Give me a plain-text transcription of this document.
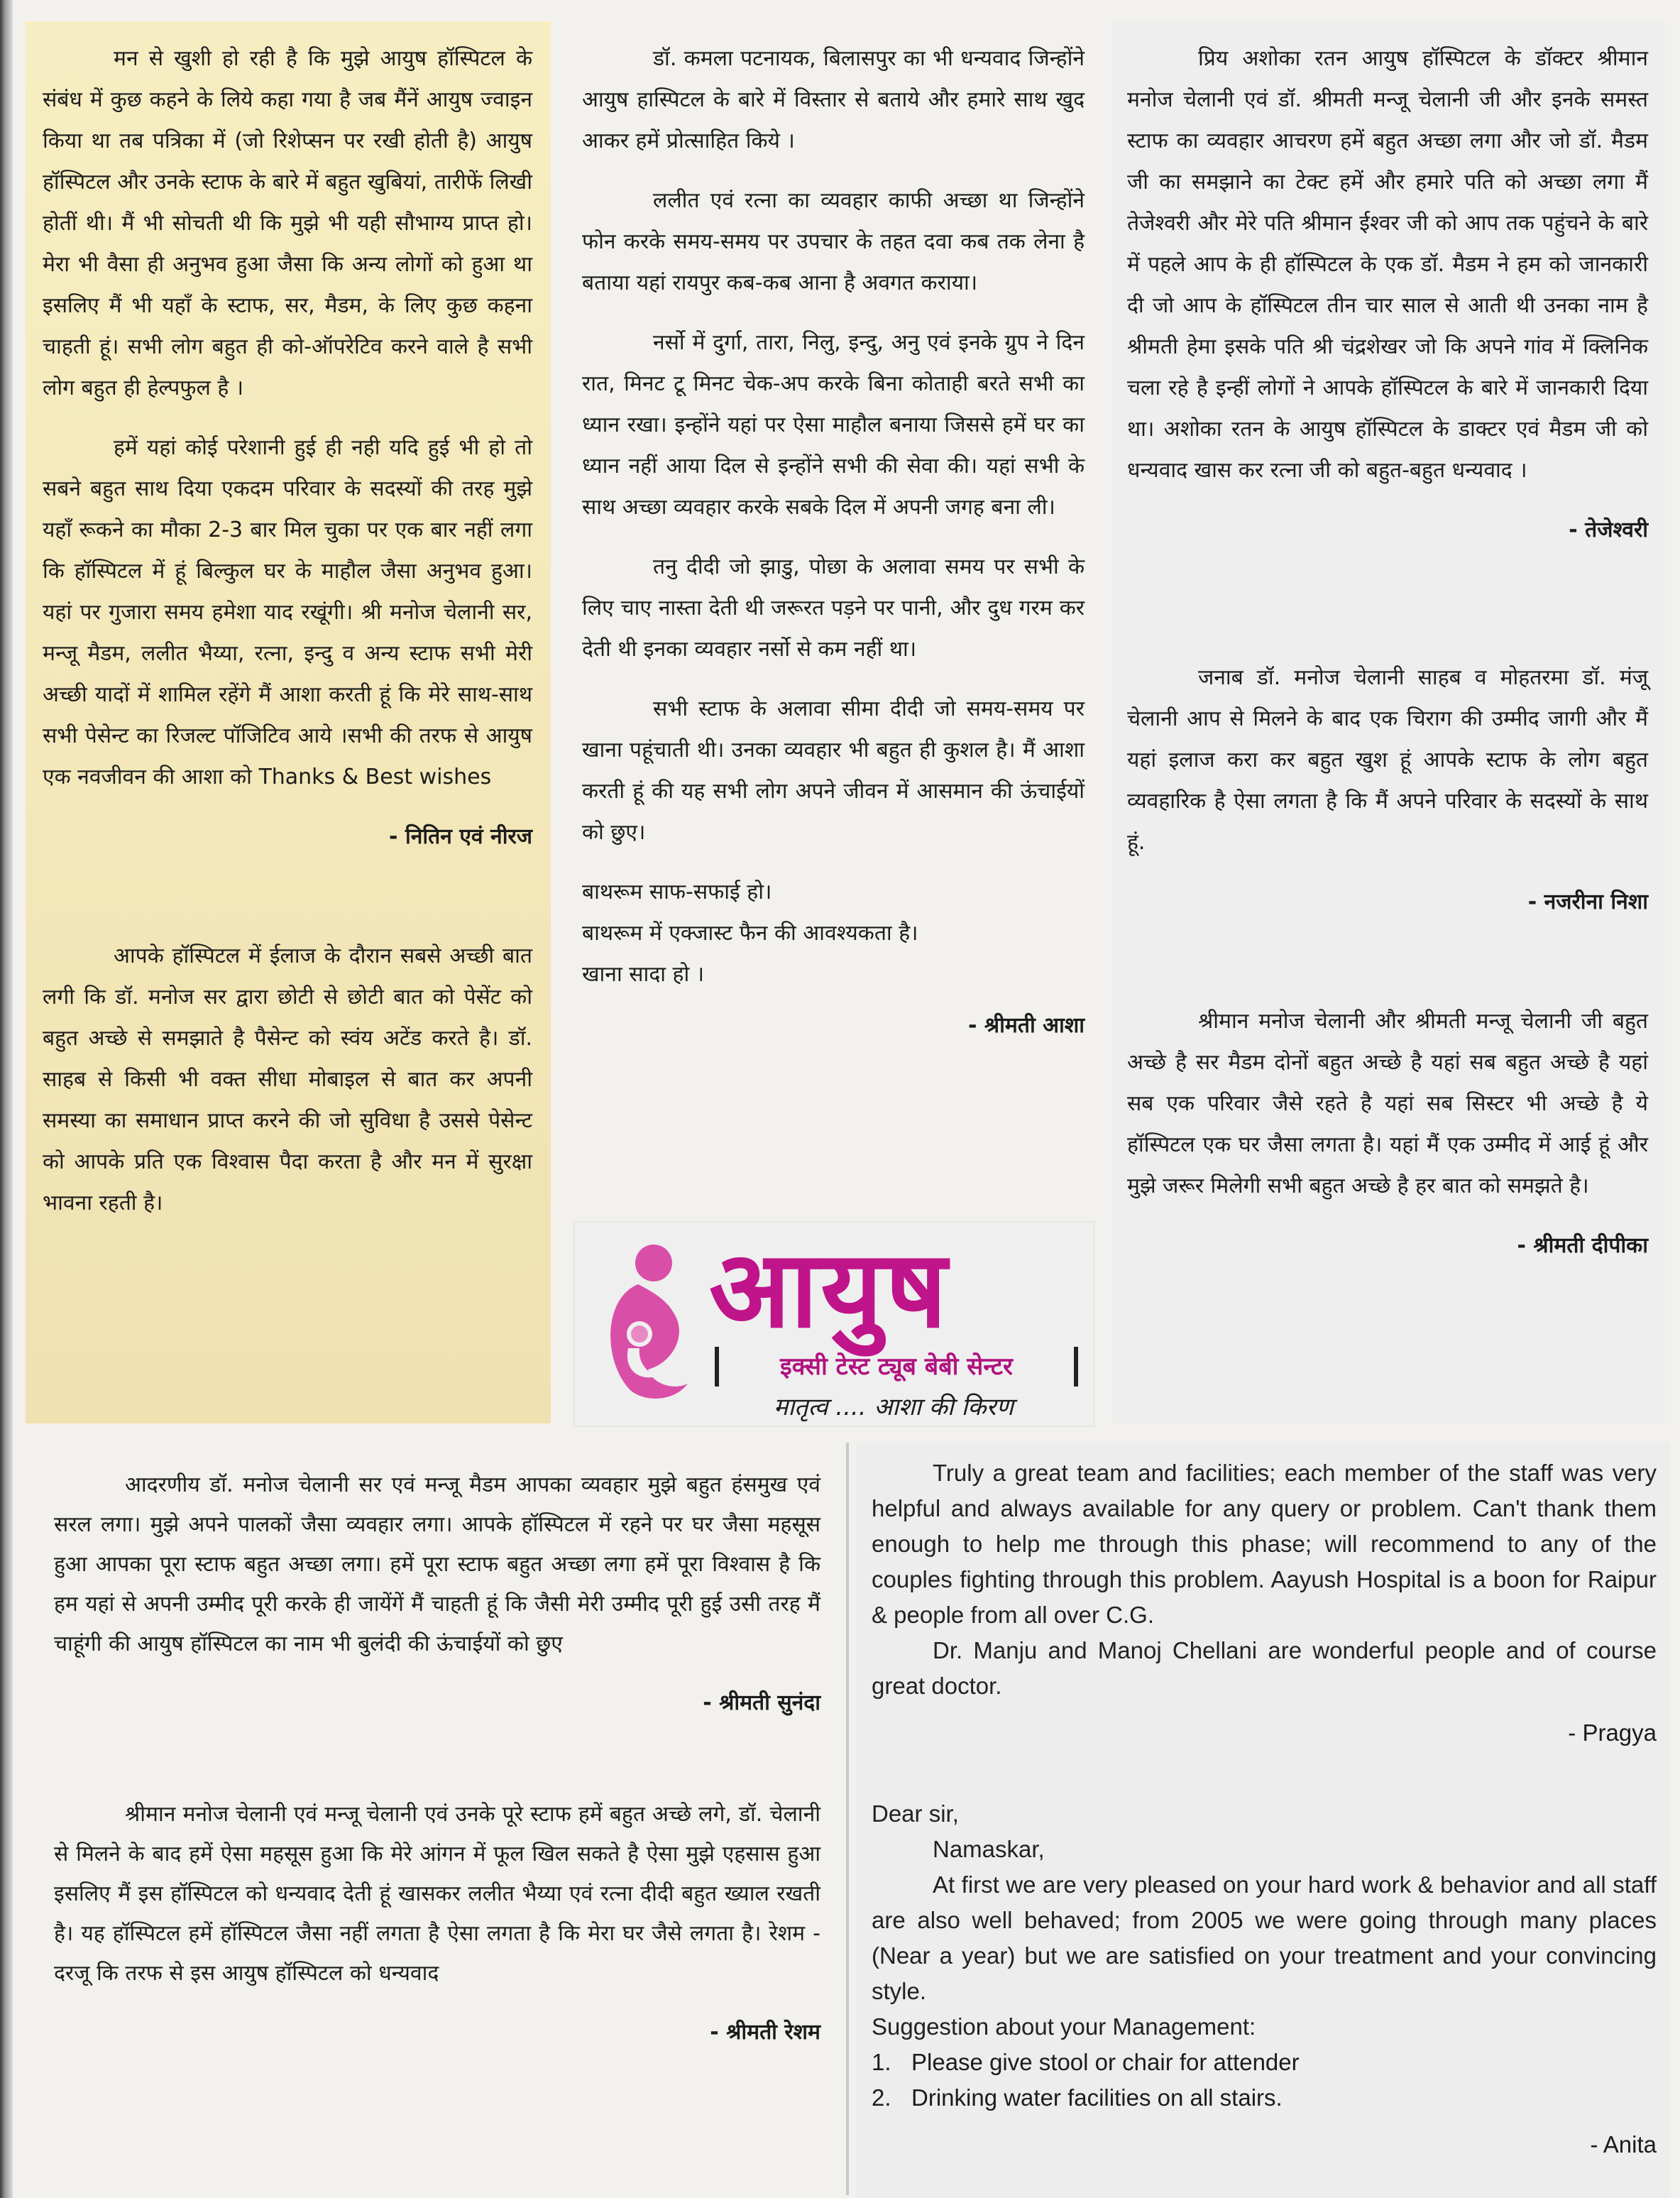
मन से खुशी हो रही है कि मुझे आयुष हॉस्पिटल के संबंध में कुछ कहने के लिये कहा गया है जब मैंनें आयुष ज्वाइन किया था तब पत्रिका में (जो रिशेप्सन पर रखी होती है) आयुष हॉस्पिटल और उनके स्टाफ के बारे में बहुत खुबियां, तारीफें लिखी होतीं थी। मैं भी सोचती थी कि मुझे भी यही सौभाग्य प्राप्त हो। मेरा भी वैसा ही अनुभव हुआ जैसा कि अन्य लोगों को हुआ था इसलिए मैं भी यहाँ के स्टाफ, सर, मैडम, के लिए कुछ कहना चाहती हूं। सभी लोग बहुत ही को-ऑपरेटिव करने वाले है सभी लोग बहुत ही हेल्पफुल है ।

हमें यहां कोई परेशानी हुई ही नही यदि हुई भी हो तो सबने बहुत साथ दिया एकदम परिवार के सदस्यों की तरह मुझे यहाँ रूकने का मौका 2-3 बार मिल चुका पर एक बार नहीं लगा कि हॉस्पिटल में हूं बिल्कुल घर के माहौल जैसा अनुभव हुआ। यहां पर गुजारा समय हमेशा याद रखूंगी। श्री मनोज चेलानी सर, मन्जू मैडम, ललीत भैय्या, रत्ना, इन्दु व अन्य स्टाफ सभी मेरी अच्छी यादों में शामिल रहेंगे मैं आशा करती हूं कि मेरे साथ-साथ सभी पेसेन्ट का रिजल्ट पॉजिटिव आये ।सभी की तरफ से आयुष एक नवजीवन की आशा को Thanks & Best wishes

- नितिन एवं नीरज

आपके हॉस्पिटल में ईलाज के दौरान सबसे अच्छी बात लगी कि डॉ. मनोज सर द्वारा छोटी से छोटी बात को पेसेंट को बहुत अच्छे से समझाते है पैसेन्ट को स्वंय अटेंड करते है। डॉ. साहब से किसी भी वक्त सीधा मोबाइल से बात कर अपनी समस्या का समाधान प्राप्त करने की जो सुविधा है उससे पेसेन्ट को आपके प्रति एक विश्वास पैदा करता है और मन में सुरक्षा भावना रहती है।

डॉ. कमला पटनायक, बिलासपुर का भी धन्यवाद जिन्होंने आयुष हास्पिटल के बारे में विस्तार से बताये और हमारे साथ खुद आकर हमें प्रोत्साहित किये ।

ललीत एवं रत्ना का व्यवहार काफी अच्छा था जिन्होंने फोन करके समय-समय पर उपचार के तहत दवा कब तक लेना है बताया यहां रायपुर कब-कब आना है अवगत कराया।

नर्सो में दुर्गा, तारा, निलु, इन्दु, अनु एवं इनके ग्रुप ने दिन रात, मिनट टू मिनट चेक-अप करके बिना कोताही बरते सभी का ध्यान रखा। इन्होंने यहां पर ऐसा माहौल बनाया जिससे हमें घर का ध्यान नहीं आया दिल से इन्होंने सभी की सेवा की। यहां सभी के साथ अच्छा व्यवहार करके सबके दिल में अपनी जगह बना ली।

तनु दीदी जो झाडु, पोछा के अलावा समय पर सभी के लिए चाए नास्ता देती थी जरूरत पड़ने पर पानी, और दुध गरम कर देती थी इनका व्यवहार नर्सो से कम नहीं था।

सभी स्टाफ के अलावा सीमा दीदी जो समय-समय पर खाना पहूंचाती थी। उनका व्यवहार भी बहुत ही कुशल है। मैं आशा करती हूं की यह सभी लोग अपने जीवन में आसमान की ऊंचाईयों को छुए।

बाथरूम साफ-सफाई हो।

बाथरूम में एक्जास्ट फैन की आवश्यकता है।

खाना सादा हो ।

- श्रीमती आशा

आयुष
इक्सी टेस्ट ट्यूब बेबी सेन्टर
मातृत्व .... आशा की किरण

प्रिय अशोका रतन आयुष हॉस्पिटल के डॉक्टर श्रीमान मनोज चेलानी एवं डॉ. श्रीमती मन्जू चेलानी जी और इनके समस्त स्टाफ का व्यवहार आचरण हमें बहुत अच्छा लगा और जो डॉ. मैडम जी का समझाने का टेक्ट हमें और हमारे पति को अच्छा लगा मैं तेजेश्वरी और मेरे पति श्रीमान ईश्वर जी को आप तक पहुंचने के बारे में पहले आप के ही हॉस्पिटल के एक डॉ. मैडम ने हम को जानकारी दी जो आप के हॉस्पिटल तीन चार साल से आती थी उनका नाम है श्रीमती हेमा इसके पति श्री चंद्रशेखर जो कि अपने गांव में क्लिनिक चला रहे है इन्हीं लोगों ने आपके हॉस्पिटल के बारे में जानकारी दिया था। अशोका रतन के आयुष हॉस्पिटल के डाक्टर एवं मैडम जी को धन्यवाद खास कर रत्ना जी को बहुत-बहुत धन्यवाद ।

- तेजेश्वरी

जनाब डॉ. मनोज चेलानी साहब व मोहतरमा डॉ. मंजू चेलानी आप से मिलने के बाद एक चिराग की उम्मीद जागी और मैं यहां इलाज करा कर बहुत खुश हूं आपके स्टाफ के लोग बहुत व्यवहारिक है ऐसा लगता है कि मैं अपने परिवार के सदस्यों के साथ हूं.

- नजरीना निशा

श्रीमान मनोज चेलानी और श्रीमती मन्जू चेलानी जी बहुत अच्छे है सर मैडम दोनों बहुत अच्छे है यहां सब बहुत अच्छे है यहां सब एक परिवार जैसे रहते है यहां सब सिस्टर भी अच्छे है ये हॉस्पिटल एक घर जैसा लगता है। यहां मैं एक उम्मीद में आई हूं और मुझे जरूर मिलेगी सभी बहुत अच्छे है हर बात को समझते है।

- श्रीमती दीपीका

आदरणीय डॉ. मनोज चेलानी सर एवं मन्जू मैडम आपका व्यवहार मुझे बहुत हंसमुख एवं सरल लगा। मुझे अपने पालकों जैसा व्यवहार लगा। आपके हॉस्पिटल में रहने पर घर जैसा महसूस हुआ आपका पूरा स्टाफ बहुत अच्छा लगा। हमें पूरा स्टाफ बहुत अच्छा लगा हमें पूरा विश्वास है कि हम यहां से अपनी उम्मीद पूरी करके ही जायेंगें मैं चाहती हूं कि जैसी मेरी उम्मीद पूरी हुई उसी तरह मैं चाहूंगी की आयुष हॉस्पिटल का नाम भी बुलंदी की ऊंचाईयों को छुए

- श्रीमती सुनंदा

श्रीमान मनोज चेलानी एवं मन्जू चेलानी एवं उनके पूरे स्टाफ हमें बहुत अच्छे लगे, डॉ. चेलानी से मिलने के बाद हमें ऐसा महसूस हुआ कि मेरे आंगन में फूल खिल सकते है ऐसा मुझे एहसास हुआ इसलिए मैं इस हॉस्पिटल को धन्यवाद देती हूं खासकर ललीत भैय्या एवं रत्ना दीदी बहुत ख्याल रखती है। यह हॉस्पिटल हमें हॉस्पिटल जैसा नहीं लगता है ऐसा लगता है कि मेरा घर जैसे लगता है। रेशम - दरजू कि तरफ से इस आयुष हॉस्पिटल को धन्यवाद

- श्रीमती रेशम

Truly a great team and facilities; each member of the staff was very helpful and always available for any query or problem. Can't thank them enough to help me through this phase; will recommend to any of the couples fighting through this problem. Aayush Hospital is a boon for Raipur & people from all over C.G.

Dr. Manju and Manoj Chellani are wonderful people and of course great doctor.

- Pragya

Dear sir,

Namaskar,

At first we are very pleased on your hard work & behavior and all staff are also well behaved; from 2005 we were going through many places (Near a year) but we are satisfied on your treatment and your convincing style.

Suggestion about your Management:

1. Please give stool or chair for attender
2. Drinking water facilities on all stairs.

- Anita
